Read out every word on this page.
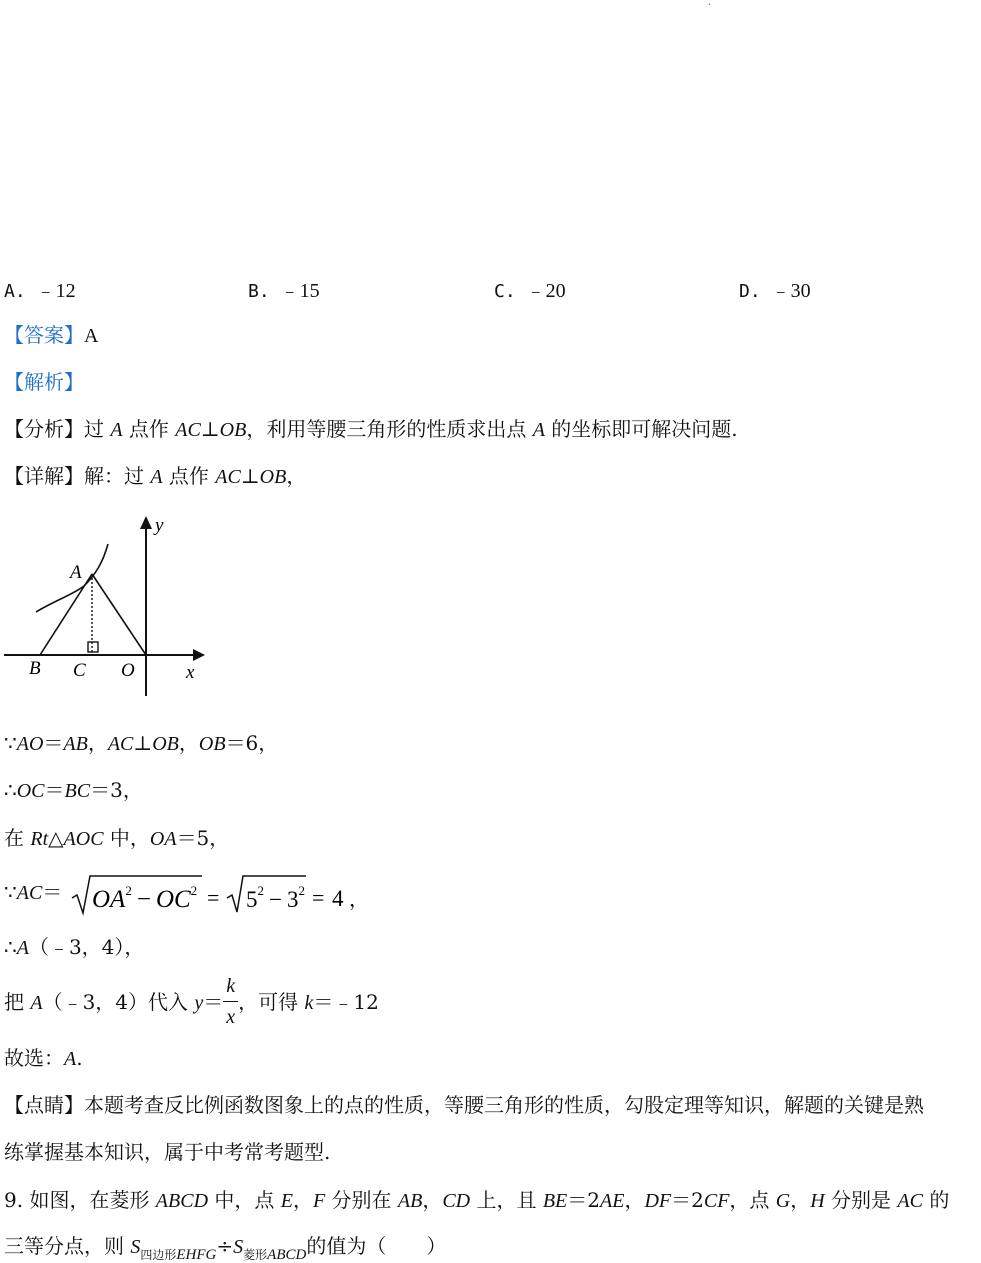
·
A. ﹣12	B. ﹣15	C. ﹣20	D. ﹣30
【答案】A
【解析】
【分析】过 A 点作 AC⊥OB，利用等腰三角形的性质求出点 A 的坐标即可解决问题.
【详解】解：过 A 点作 AC⊥OB，
y
x
A
B C O
∵AO＝AB，AC⊥OB，OB＝6，
∴OC＝BC＝3，
在 Rt△AOC 中，OA＝5，
∵AC＝ $OA^2 - OC^2 = 5^2 - 3^2 = 4$ ，
∴A（﹣3，4），
把 A（﹣3，4）代入 $y= \frac{k}{x}$ ，可得 k＝﹣12
故选：A.
【点睛】本题考查反比例函数图象上的点的性质，等腰三角形的性质，勾股定理等知识，解题的关键是熟
练掌握基本知识，属于中考常考题型.
9. 如图，在菱形 ABCD 中，点 E，F 分别在 AB，CD 上，且 BE＝2AE，DF＝2CF，点 G，H 分别是 AC 的
三等分点，则 $S_{四边形EHFG}\div S_{菱形ABCD}$的值为（　　）
